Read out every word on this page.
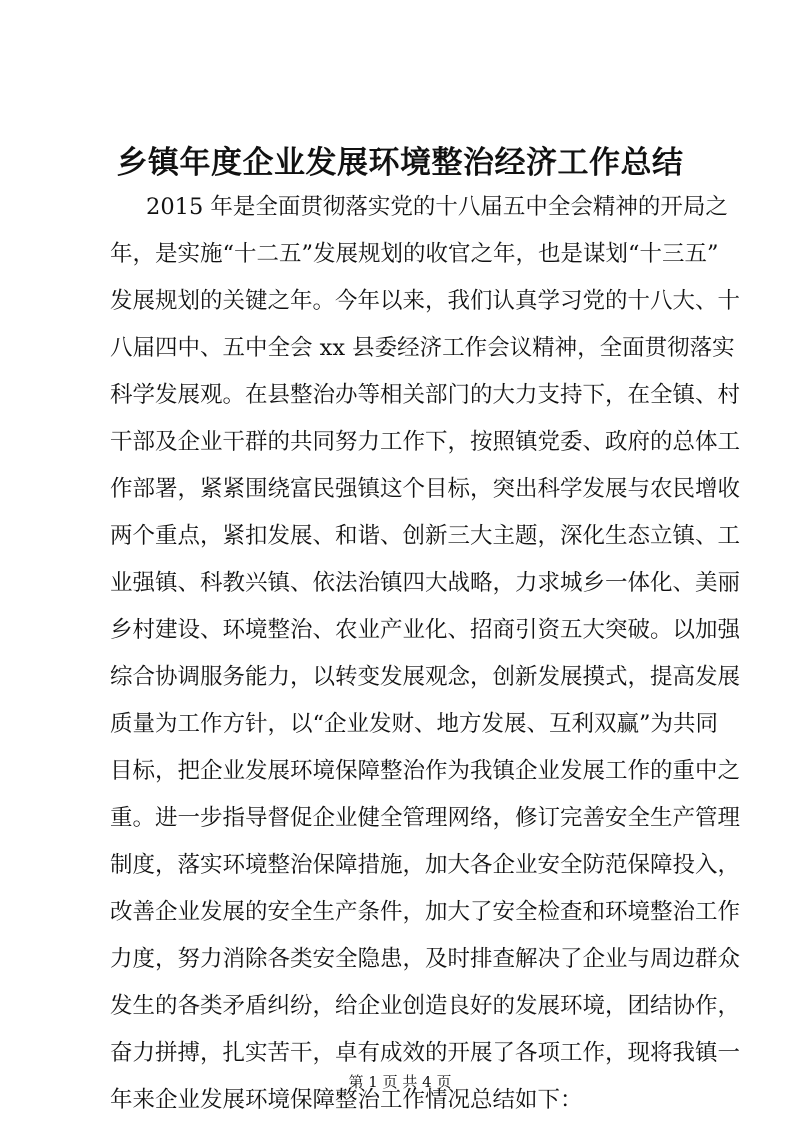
乡镇年度企业发展环境整治经济工作总结
2015 年是全面贯彻落实党的十八届五中全会精神的开局之
年，是实施“十二五”发展规划的收官之年，也是谋划“十三五”
发展规划的关键之年。今年以来，我们认真学习党的十八大、十
八届四中、五中全会 xx 县委经济工作会议精神，全面贯彻落实
科学发展观。在县整治办等相关部门的大力支持下，在全镇、村
干部及企业干群的共同努力工作下，按照镇党委、政府的总体工
作部署，紧紧围绕富民强镇这个目标，突出科学发展与农民增收
两个重点，紧扣发展、和谐、创新三大主题，深化生态立镇、工
业强镇、科教兴镇、依法治镇四大战略，力求城乡一体化、美丽
乡村建设、环境整治、农业产业化、招商引资五大突破。以加强
综合协调服务能力，以转变发展观念，创新发展摸式，提高发展
质量为工作方针，以“企业发财、地方发展、互利双赢”为共同
目标，把企业发展环境保障整治作为我镇企业发展工作的重中之
重。进一步指导督促企业健全管理网络，修订完善安全生产管理
制度，落实环境整治保障措施，加大各企业安全防范保障投入，
改善企业发展的安全生产条件，加大了安全检查和环境整治工作
力度，努力消除各类安全隐患，及时排查解决了企业与周边群众
发生的各类矛盾纠纷，给企业创造良好的发展环境，团结协作，
奋力拼搏，扎实苦干，卓有成效的开展了各项工作，现将我镇一
年来企业发展环境保障整治工作情况总结如下：
第 1 页 共 4 页
